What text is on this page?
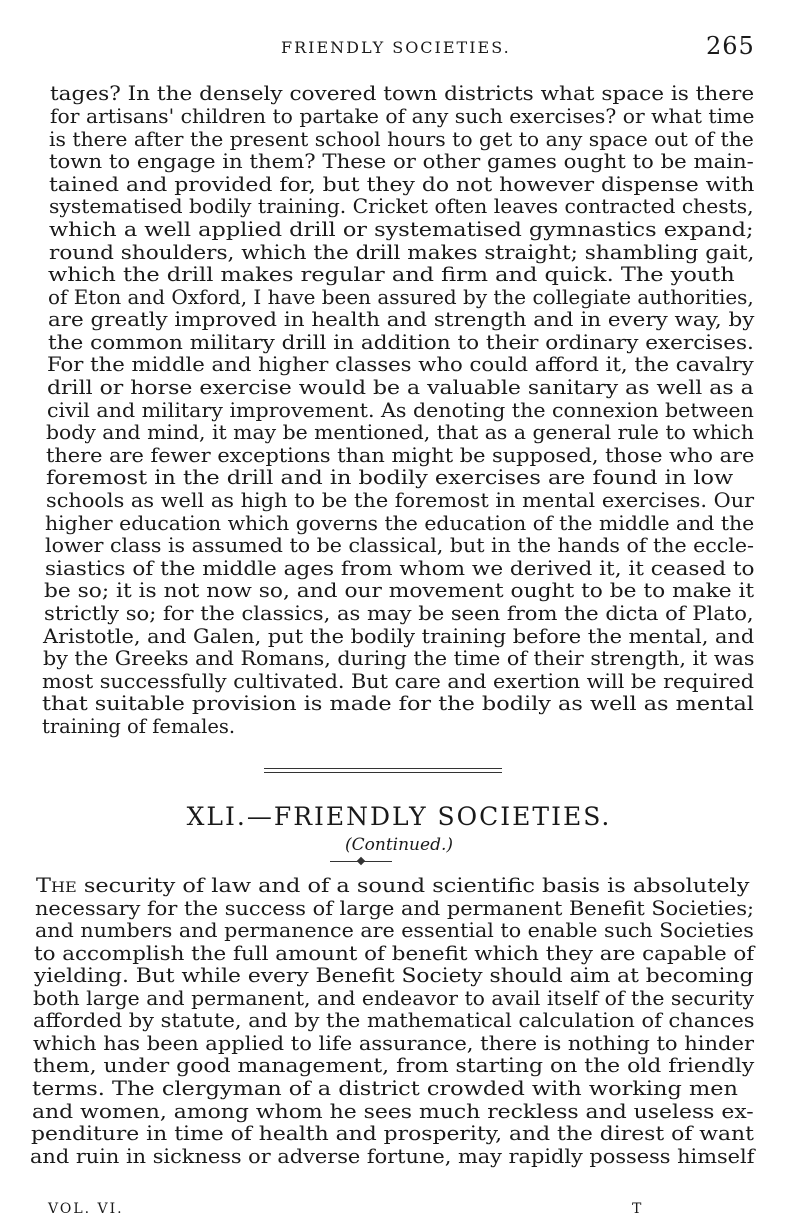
FRIENDLY SOCIETIES.	265
tages? In the densely covered town districts what space is there
for artisans' children to partake of any such exercises? or what time
is there after the present school hours to get to any space out of the
town to engage in them? These or other games ought to be main-
tained and provided for, but they do not however dispense with
systematised bodily training. Cricket often leaves contracted chests,
which a well applied drill or systematised gymnastics expand;
round shoulders, which the drill makes straight; shambling gait,
which the drill makes regular and firm and quick. The youth
of Eton and Oxford, I have been assured by the collegiate authorities,
are greatly improved in health and strength and in every way, by
the common military drill in addition to their ordinary exercises.
For the middle and higher classes who could afford it, the cavalry
drill or horse exercise would be a valuable sanitary as well as a
civil and military improvement. As denoting the connexion between
body and mind, it may be mentioned, that as a general rule to which
there are fewer exceptions than might be supposed, those who are
foremost in the drill and in bodily exercises are found in low
schools as well as high to be the foremost in mental exercises. Our
higher education which governs the education of the middle and the
lower class is assumed to be classical, but in the hands of the eccle-
siastics of the middle ages from whom we derived it, it ceased to
be so; it is not now so, and our movement ought to be to make it
strictly so; for the classics, as may be seen from the dicta of Plato,
Aristotle, and Galen, put the bodily training before the mental, and
by the Greeks and Romans, during the time of their strength, it was
most successfully cultivated. But care and exertion will be required
that suitable provision is made for the bodily as well as mental
training of females.
XLI.—FRIENDLY SOCIETIES.
(Continued.)
The security of law and of a sound scientific basis is absolutely
necessary for the success of large and permanent Benefit Societies;
and numbers and permanence are essential to enable such Societies
to accomplish the full amount of benefit which they are capable of
yielding. But while every Benefit Society should aim at becoming
both large and permanent, and endeavor to avail itself of the security
afforded by statute, and by the mathematical calculation of chances
which has been applied to life assurance, there is nothing to hinder
them, under good management, from starting on the old friendly
terms. The clergyman of a district crowded with working men
and women, among whom he sees much reckless and useless ex-
penditure in time of health and prosperity, and the direst of want
and ruin in sickness or adverse fortune, may rapidly possess himself
VOL. VI.	T
